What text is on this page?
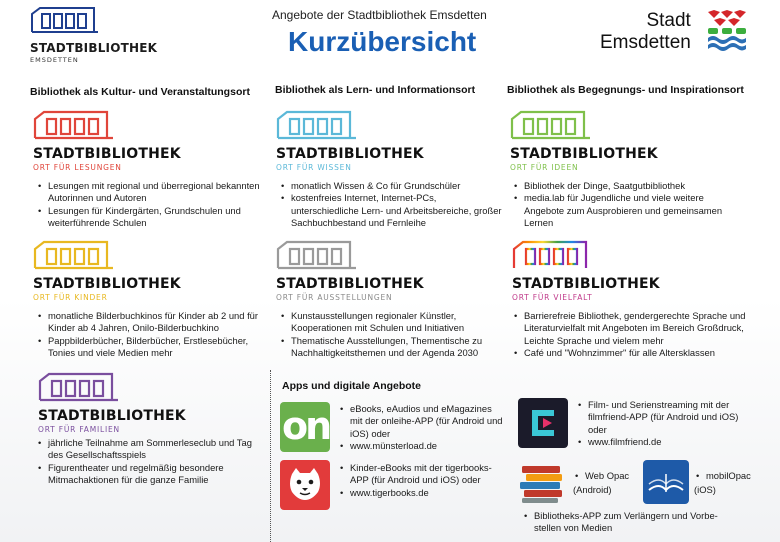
STADTBIBLIOTHEK
EMSDETTEN
Angebote der Stadtbibliothek Emsdetten
Kurzübersicht
Stadt
Emsdetten
Bibliothek als Kultur- und Veranstaltungsort Bibliothek als Lern- und Informationsort	Bibliothek als Begegnungs- und Inspirationsort
STADTBIBLIOTHEK
ORT FÜR LESUNGEN
• Lesungen mit regional und überregional bekannten Autorinnen und Autoren
• Lesungen für Kindergärten, Grundschulen und weiterführende Schulen
STADTBIBLIOTHEK
ORT FÜR WISSEN
• monatlich Wissen & Co für Grundschüler
• kostenfreies Internet, Internet-PCs, unterschiedliche Lern- und Arbeitsbereiche, großer Sachbuchbestand und Fernleihe
STADTBIBLIOTHEK
ORT FÜR IDEEN
• Bibliothek der Dinge, Saatgutbibliothek
• media.lab für Jugendliche und viele weitere Angebote zum Ausprobieren und gemeinsamen Lernen
STADTBIBLIOTHEK
ORT FÜR KINDER
• monatliche Bilderbuchkinos für Kinder ab 2 und für Kinder ab 4 Jahren, Onilo-Bilderbuchkino
• Pappbilderbücher, Bilderbücher, Erstlesebücher, Tonies und viele Medien mehr
STADTBIBLIOTHEK
ORT FÜR AUSSTELLUNGEN
• Kunstausstellungen regionaler Künstler, Kooperationen mit Schulen und Initiativen
• Thematische Ausstellungen, Thementische zu Nachhaltigkeitsthemen und der Agenda 2030
STADTBIBLIOTHEK
ORT FÜR VIELFALT
• Barrierefreie Bibliothek, gendergerechte Sprache und Literaturvielfalt mit Angeboten im Bereich Großdruck, Leichte Sprache und vielem mehr
• Café und "Wohnzimmer" für alle Altersklassen
STADTBIBLIOTHEK
ORT FÜR FAMILIEN
• jährliche Teilnahme am Sommerleseclub und Tag des Gesellschaftsspiels
• Figurentheater und regelmäßig besondere Mitmachaktionen für die ganze Familie
Apps und digitale Angebote
on
•	eBooks, eAudios und eMagazines mit der onleihe-APP (für Android und iOS) oder
• www.münsterload.de
• Kinder-eBooks mit der tigerbooks-APP (für Android und iOS) oder
• www.tigerbooks.de
• Film- und Serienstreaming mit der filmfriend-APP (für Android und iOS) oder
• www.filmfriend.de
• Web Opac
(Android)
• mobilOpac
(iOS)
• Bibliotheks-APP zum Verlängern und Vorbe-stellen von Medien
